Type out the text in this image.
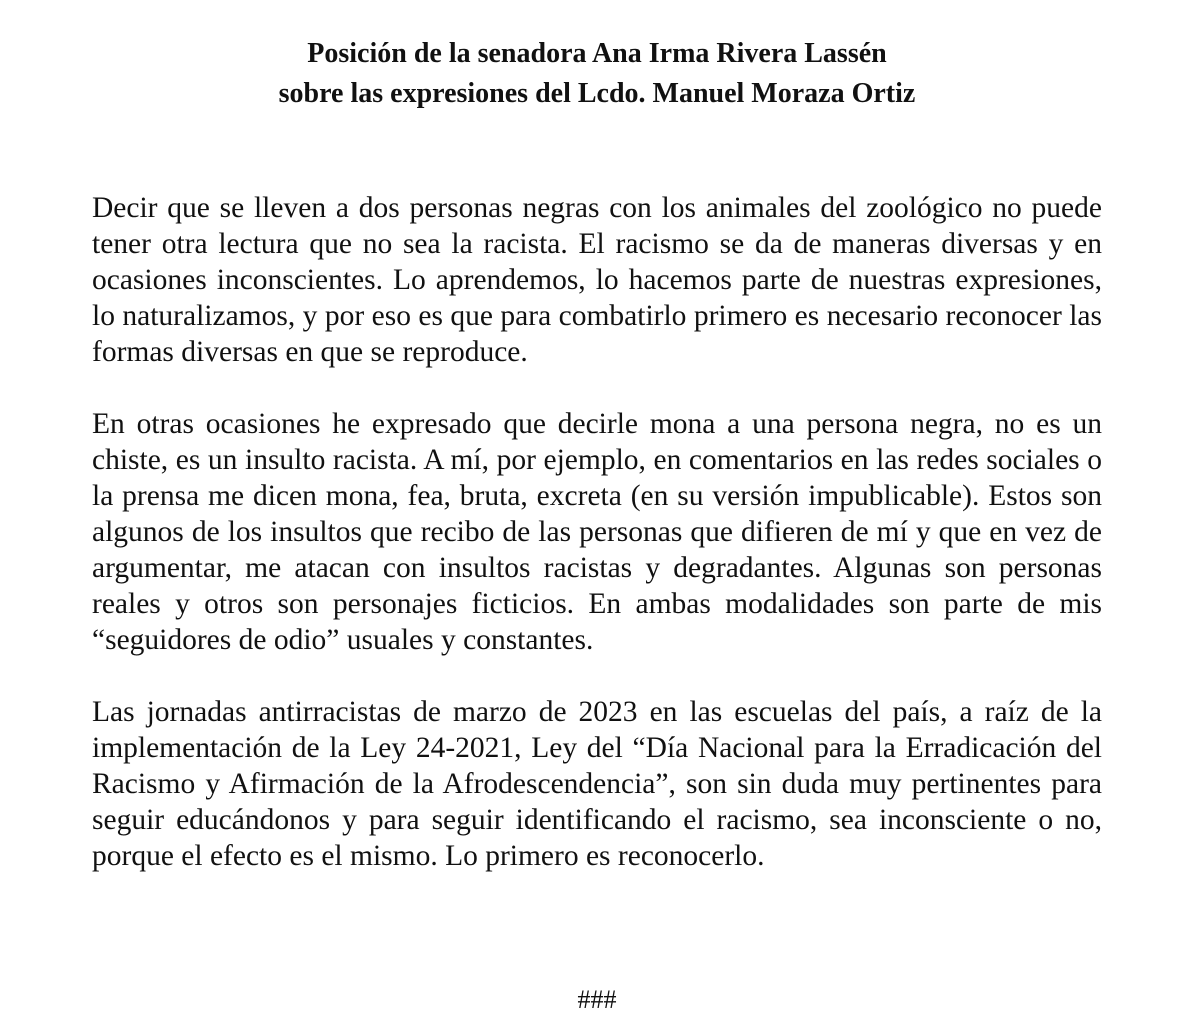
Posición de la senadora Ana Irma Rivera Lassén
sobre las expresiones del Lcdo. Manuel Moraza Ortiz

Decir que se lleven a dos personas negras con los animales del zoológico no puede tener otra lectura que no sea la racista. El racismo se da de maneras diversas y en ocasiones inconscientes. Lo aprendemos, lo hacemos parte de nuestras expresiones, lo naturalizamos, y por eso es que para combatirlo primero es necesario reconocer las formas diversas en que se reproduce.

En otras ocasiones he expresado que decirle mona a una persona negra, no es un chiste, es un insulto racista. A mí, por ejemplo, en comentarios en las redes sociales o la prensa me dicen mona, fea, bruta, excreta (en su versión impublicable). Estos son algunos de los insultos que recibo de las personas que difieren de mí y que en vez de argumentar, me atacan con insultos racistas y degradantes. Algunas son personas reales y otros son personajes ficticios. En ambas modalidades son parte de mis “seguidores de odio” usuales y constantes.

Las jornadas antirracistas de marzo de 2023 en las escuelas del país, a raíz de la implementación de la Ley 24-2021, Ley del “Día Nacional para la Erradicación del Racismo y Afirmación de la Afrodescendencia”, son sin duda muy pertinentes para seguir educándonos y para seguir identificando el racismo, sea inconsciente o no, porque el efecto es el mismo. Lo primero es reconocerlo.

###
